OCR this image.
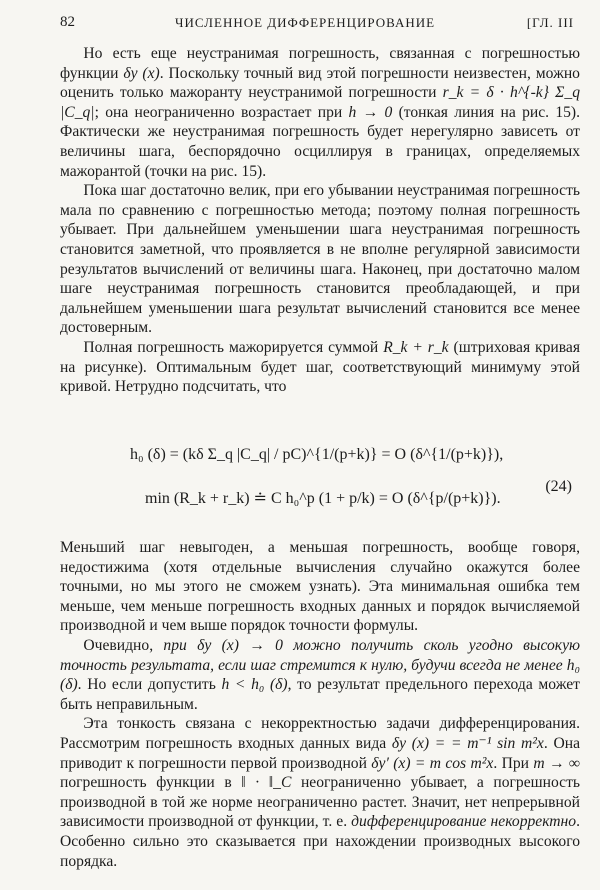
82	ЧИСЛЕННОЕ ДИФФЕРЕНЦИРОВАНИЕ	[ГЛ. III

Но есть еще неустранимая погрешность, связанная с погрешностью функции δy (x). Поскольку точный вид этой погрешности неизвестен, можно оценить только мажоранту неустранимой погрешности r_k = δ · h^{-k} Σ_q |C_q|; она неограниченно возрастает при h → 0 (тонкая линия на рис. 15). Фактически же неустранимая погрешность будет нерегулярно зависеть от величины шага, беспорядочно осциллируя в границах, определяемых мажорантой (точки на рис. 15).

Пока шаг достаточно велик, при его убывании неустранимая погрешность мала по сравнению с погрешностью метода; поэтому полная погрешность убывает. При дальнейшем уменьшении шага неустранимая погрешность становится заметной, что проявляется в не вполне регулярной зависимости результатов вычислений от величины шага. Наконец, при достаточно малом шаге неустранимая погрешность становится преобладающей, и при дальнейшем уменьшении шага результат вычислений становится все менее достоверным.

Полная погрешность мажорируется суммой R_k + r_k (штриховая кривая на рисунке). Оптимальным будет шаг, соответствующий минимуму этой кривой. Нетрудно подсчитать, что

h₀ (δ) = (kδ Σ_q |C_q| / pC)^{1/(p+k)} = O (δ^{1/(p+k)}),
min (R_k + r_k) ≐ C h₀^p (1 + p/k) = O (δ^{p/(p+k)}).
(24)

Меньший шаг невыгоден, а меньшая погрешность, вообще говоря, недостижима (хотя отдельные вычисления случайно окажутся более точными, но мы этого не сможем узнать). Эта минимальная ошибка тем меньше, чем меньше погрешность входных данных и порядок вычисляемой производной и чем выше порядок точности формулы.

Очевидно, при δy (x) → 0 можно получить сколь угодно высокую точность результата, если шаг стремится к нулю, будучи всегда не менее h₀ (δ). Но если допустить h < h₀ (δ), то результат предельного перехода может быть неправильным.

Эта тонкость связана с некорректностью задачи дифференцирования. Рассмотрим погрешность входных данных вида δy (x) = = m⁻¹ sin m²x. Она приводит к погрешности первой производной δy′ (x) = m cos m²x. При m → ∞ погрешность функции в ‖ · ‖_C неограниченно убывает, а погрешность производной в той же норме неограниченно растет. Значит, нет непрерывной зависимости производной от функции, т. е. дифференцирование некорректно. Особенно сильно это сказывается при нахождении производных высокого порядка.
